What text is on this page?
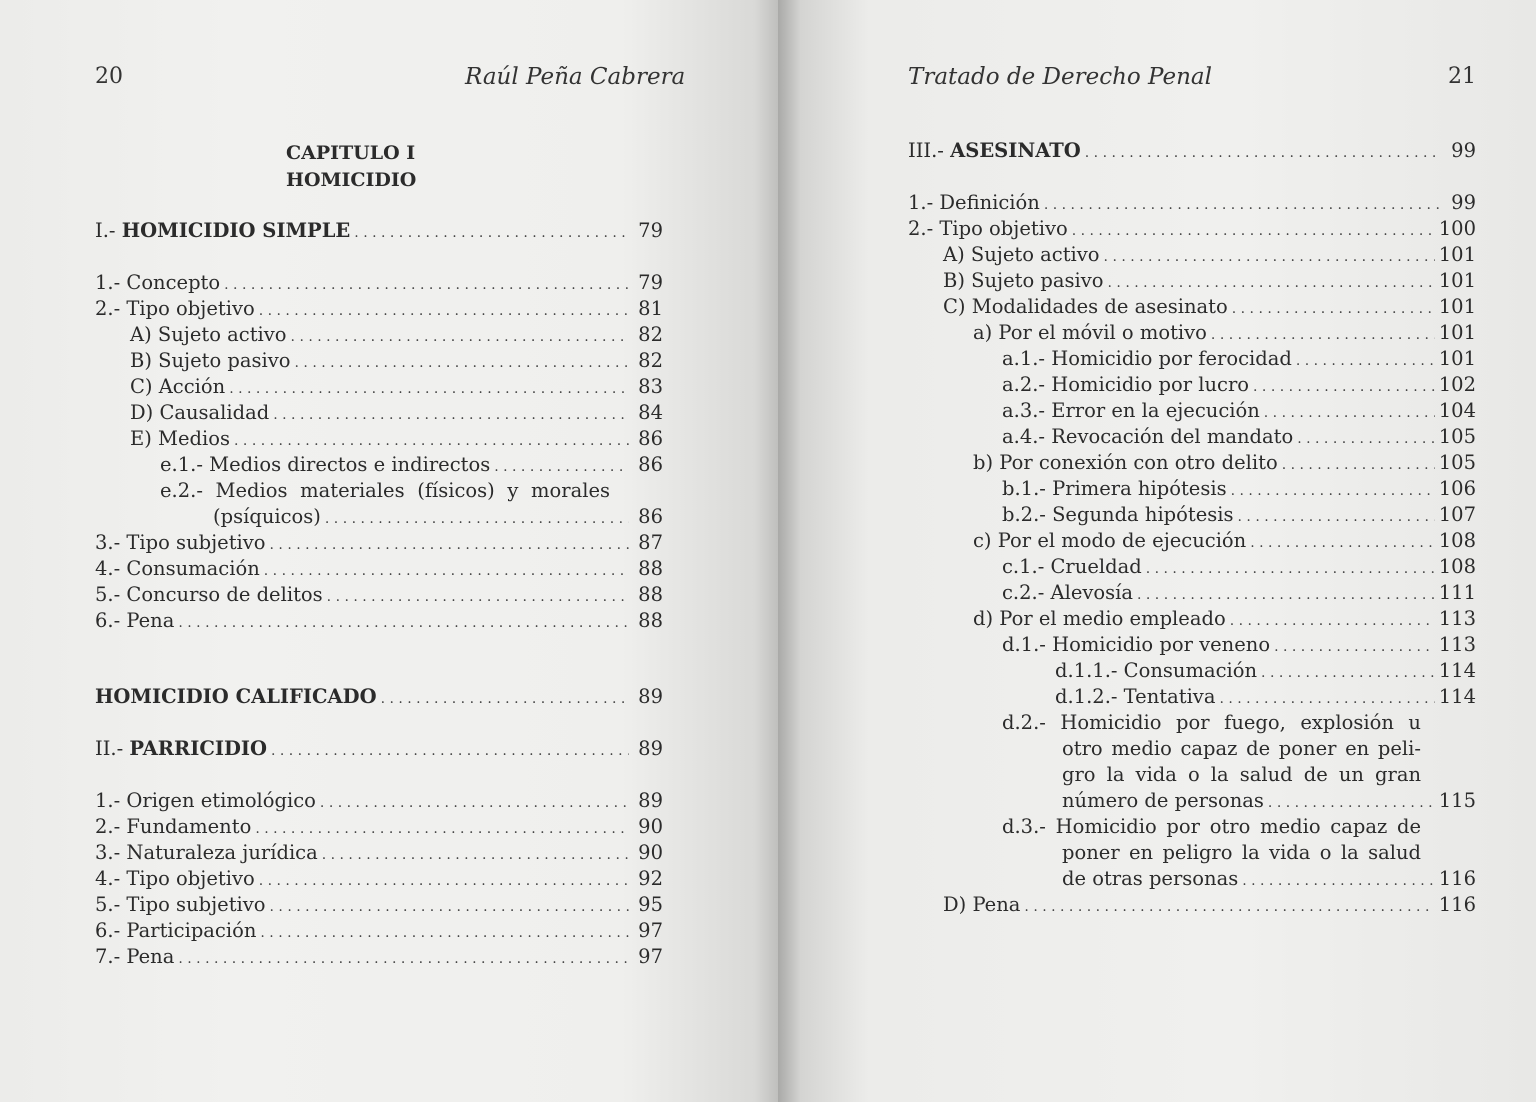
20	Raúl Peña Cabrera
CAPITULO I
HOMICIDIO
I.- HOMICIDIO SIMPLE . . .	79
1.- Concepto . . .	79
2.- Tipo objetivo . . .	81
A) Sujeto activo . . .	82
B) Sujeto pasivo . . .	82
C) Acción . . .	83
D) Causalidad . . .	84
E) Medios . . .	86
e.1.- Medios directos e indirectos . . .	86
e.2.- Medios materiales (físicos) y morales
(psíquicos) . . .	86
3.- Tipo subjetivo . . .	87
4.- Consumación . . .	88
5.- Concurso de delitos . . .	88
6.- Pena . . .	88
HOMICIDIO CALIFICADO . . .	89
II.- PARRICIDIO . . .	89
1.- Origen etimológico . . .	89
2.- Fundamento . . .	90
3.- Naturaleza jurídica . . .	90
4.- Tipo objetivo . . .	92
5.- Tipo subjetivo . . .	95
6.- Participación . . .	97
7.- Pena . . .	97
Tratado de Derecho Penal	21
III.- ASESINATO . . .	99
1.- Definición . . .	99
2.- Tipo objetivo . . .	100
A) Sujeto activo . . .	101
B) Sujeto pasivo . . .	101
C) Modalidades de asesinato . . .	101
a) Por el móvil o motivo . . .	101
a.1.- Homicidio por ferocidad . . .	101
a.2.- Homicidio por lucro . . .	102
a.3.- Error en la ejecución . . .	104
a.4.- Revocación del mandato . . .	105
b) Por conexión con otro delito . . .	105
b.1.- Primera hipótesis . . .	106
b.2.- Segunda hipótesis . . .	107
c) Por el modo de ejecución . . .	108
c.1.- Crueldad . . .	108
c.2.- Alevosía . . .	111
d) Por el medio empleado . . .	113
d.1.- Homicidio por veneno . . .	113
d.1.1.- Consumación . . .	114
d.1.2.- Tentativa . . .	114
d.2.- Homicidio por fuego, explosión u
otro medio capaz de poner en peli-
gro la vida o la salud de un gran
número de personas . . .	115
d.3.- Homicidio por otro medio capaz de
poner en peligro la vida o la salud
de otras personas . . .	116
D) Pena . . .	116
